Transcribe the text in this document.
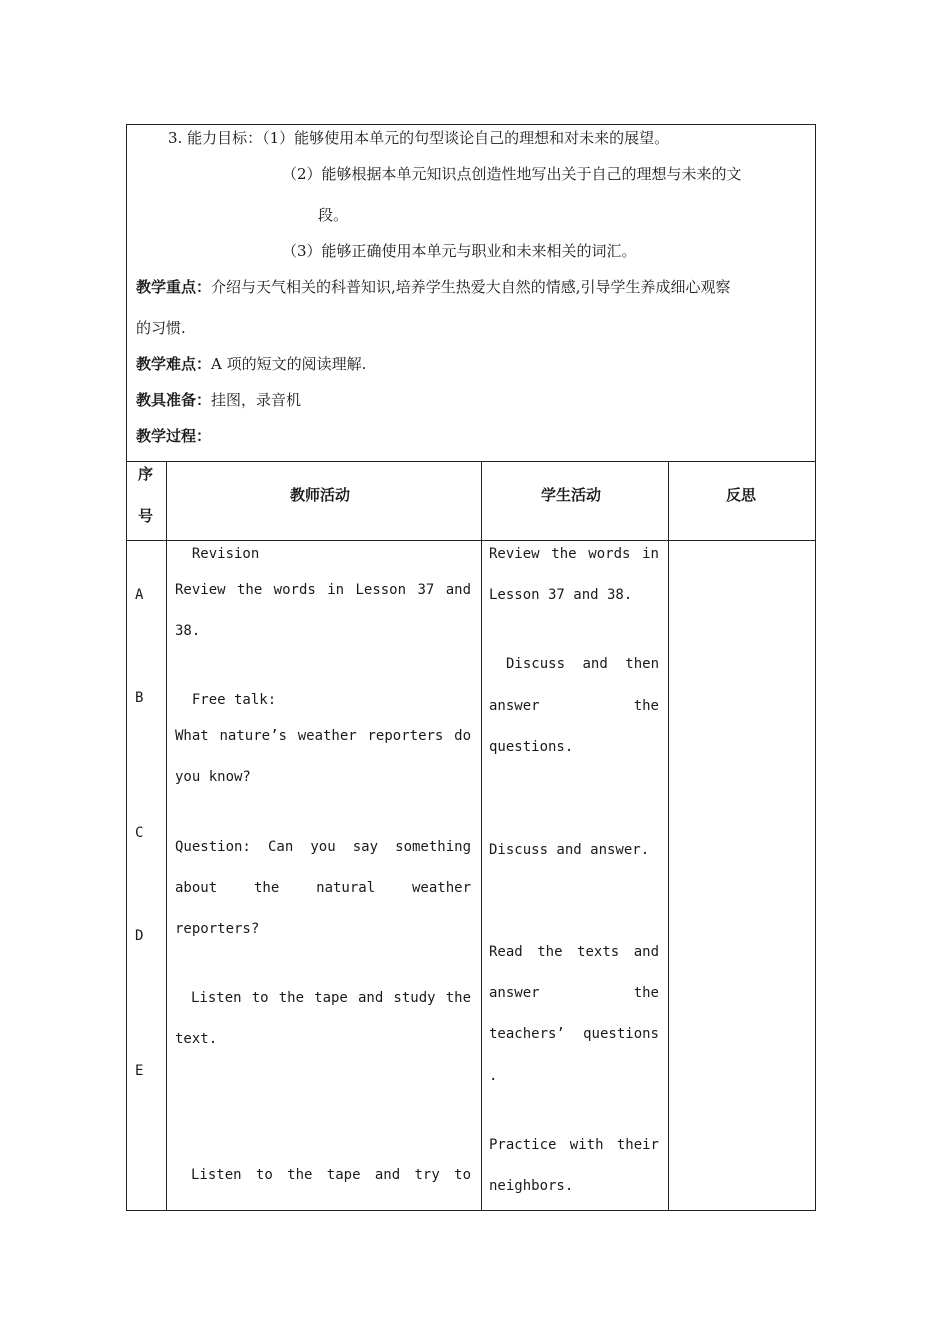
3. 能力目标：（1）能够使用本单元的句型谈论自己的理想和对未来的展望。
（2）能够根据本单元知识点创造性地写出关于自己的理想与未来的文
段。
（3）能够正确使用本单元与职业和未来相关的词汇。
教学重点：介绍与天气相关的科普知识,培养学生热爱大自然的情感,引导学生养成细心观察
的习惯.
教学难点：A 项的短文的阅读理解.
教具准备：挂图，录音机
教学过程：
序
号
教师活动	学生活动	反思
A
B
C
D
E
Revision
Review the words in Lesson 37 and
38.
Free talk:
What nature’s weather reporters do
you know?
Question: Can you say something
about the natural weather
reporters?
Listen to the tape and study the
text.
Listen to the tape and try to
Review the words in
Lesson 37 and 38.
Discuss and then
answer the
questions.
Discuss and answer.
Read the texts and
answer the
teachers’ questions
.
Practice with their
neighbors.
